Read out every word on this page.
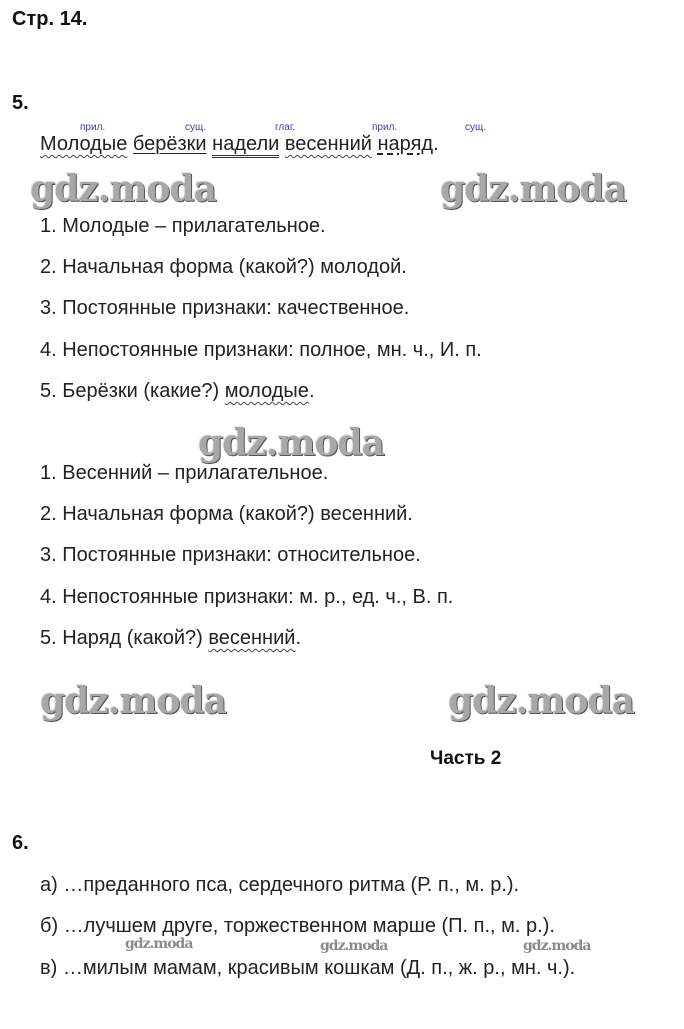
Стр. 14.
5.
прил.	сущ.	глаг.	прил.	сущ.
Молодые берёзки надели весенний наряд.
gdz.moda	gdz.moda
1. Молодые – прилагательное.
2. Начальная форма (какой?) молодой.
3. Постоянные признаки: качественное.
4. Непостоянные признаки: полное, мн. ч., И. п.
5. Берёзки (какие?) молодые.
gdz.moda
1. Весенний – прилагательное.
2. Начальная форма (какой?) весенний.
3. Постоянные признаки: относительное.
4. Непостоянные признаки: м. р., ед. ч., В. п.
5. Наряд (какой?) весенний.
gdz.moda	gdz.moda
Часть 2
6.
а) …преданного пса, сердечного ритма (Р. п., м. р.).
б) …лучшем друге, торжественном марше (П. п., м. р.).
gdz.moda	gdz.moda	gdz.moda
в) …милым мамам, красивым кошкам (Д. п., ж. р., мн. ч.).
